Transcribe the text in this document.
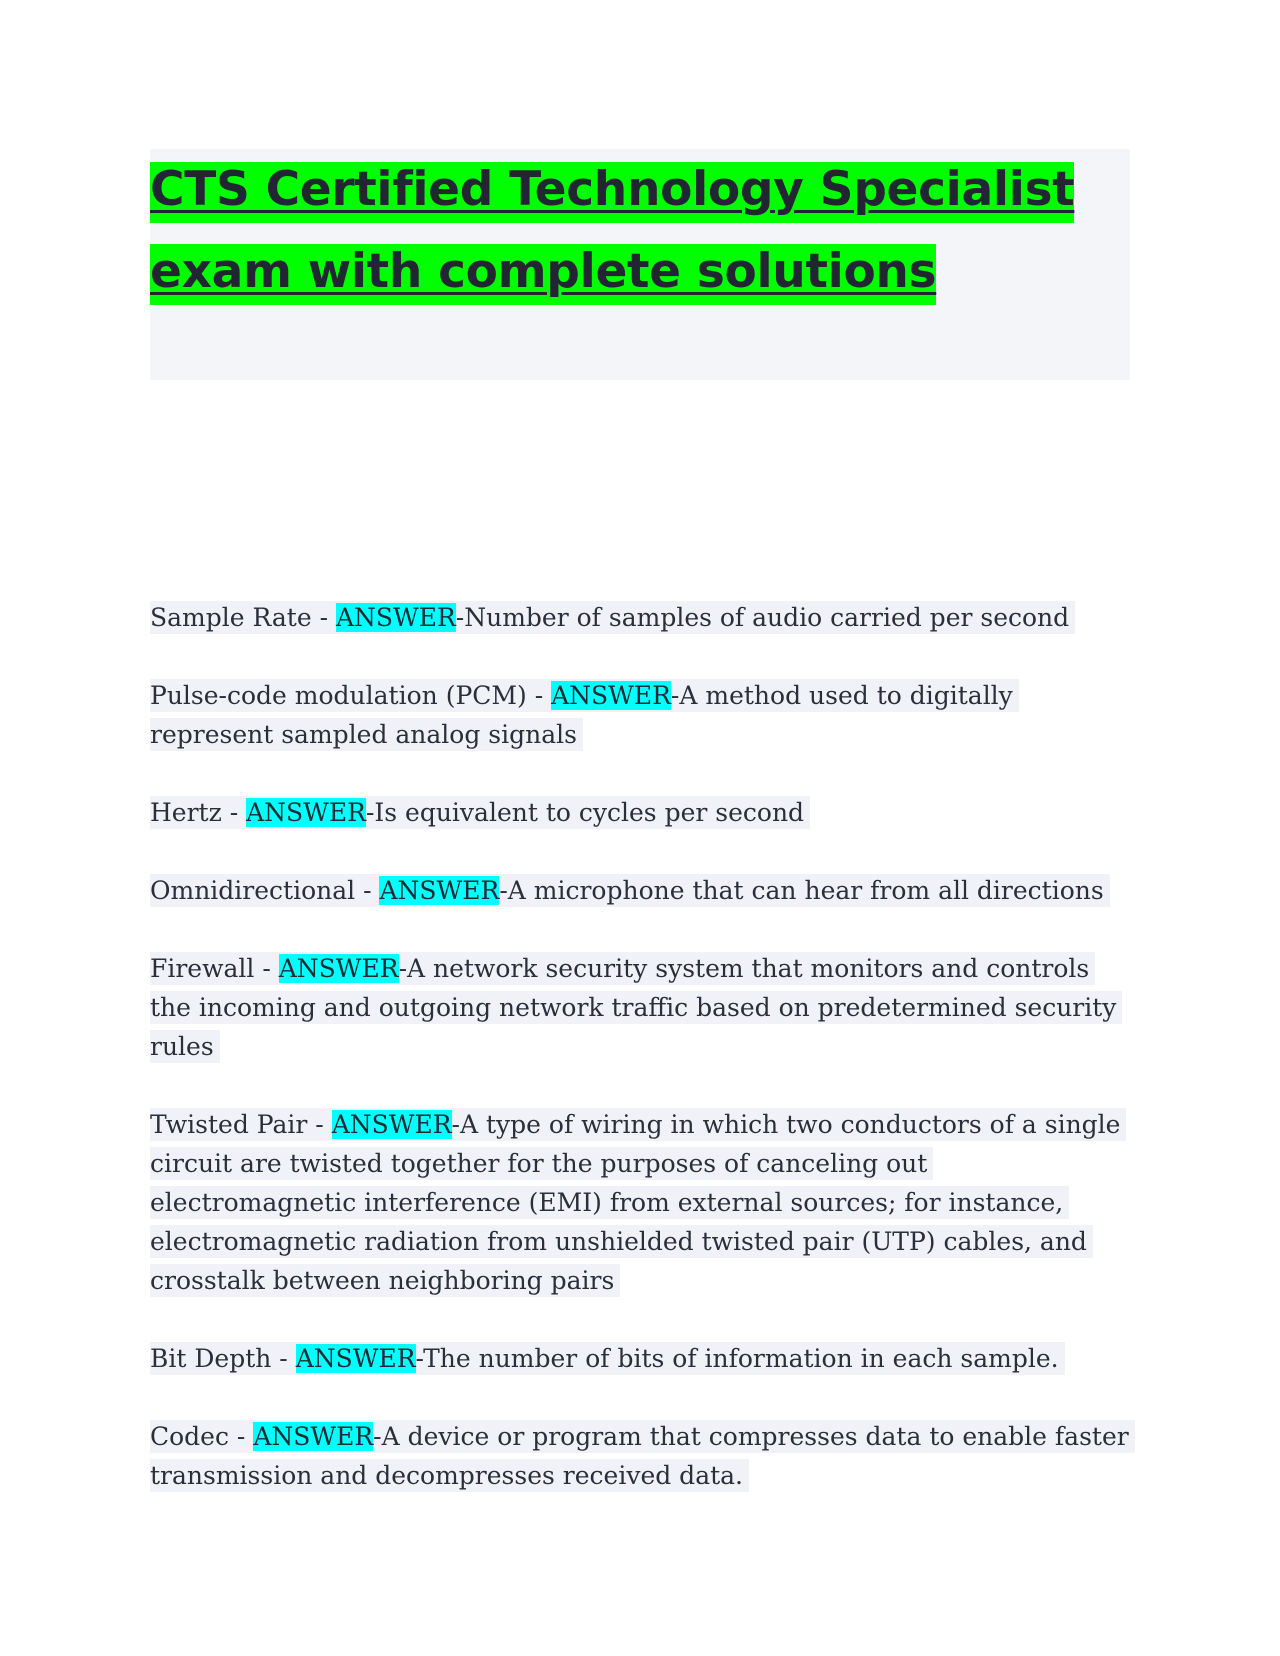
CTS Certified Technology Specialist
exam with complete solutions
Sample Rate - ANSWER-Number of samples of audio carried per second
Pulse-code modulation (PCM) - ANSWER-A method used to digitally represent sampled analog signals
Hertz - ANSWER-Is equivalent to cycles per second
Omnidirectional - ANSWER-A microphone that can hear from all directions
Firewall - ANSWER-A network security system that monitors and controls the incoming and outgoing network traffic based on predetermined security rules
Twisted Pair - ANSWER-A type of wiring in which two conductors of a single circuit are twisted together for the purposes of canceling out electromagnetic interference (EMI) from external sources; for instance, electromagnetic radiation from unshielded twisted pair (UTP) cables, and crosstalk between neighboring pairs
Bit Depth - ANSWER-The number of bits of information in each sample.
Codec - ANSWER-A device or program that compresses data to enable faster transmission and decompresses received data.
